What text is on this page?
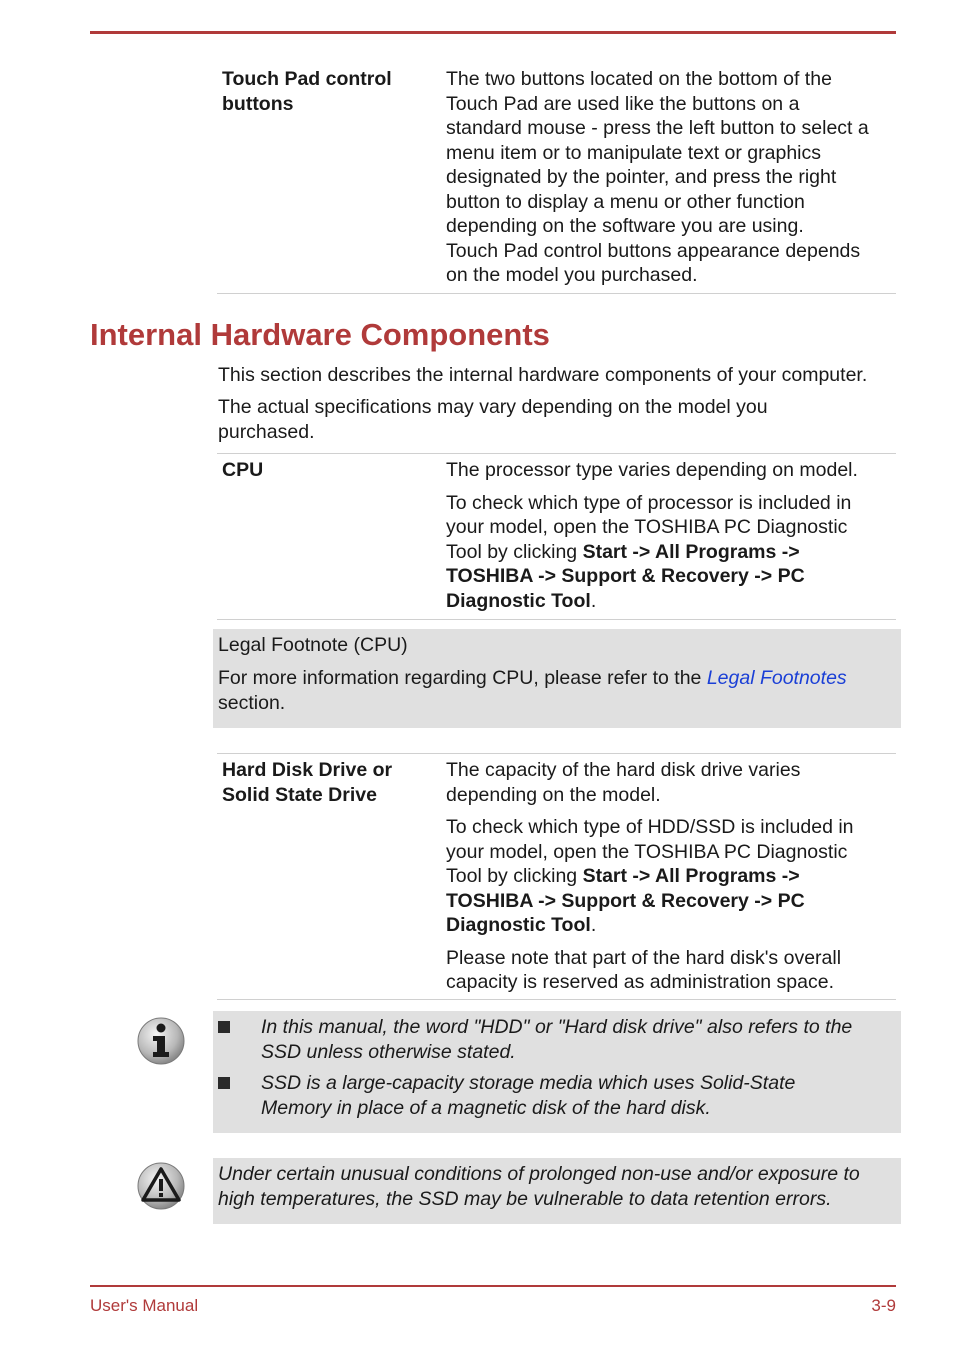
Touch Pad control buttons
The two buttons located on the bottom of the
Touch Pad are used like the buttons on a
standard mouse - press the left button to select a
menu item or to manipulate text or graphics
designated by the pointer, and press the right
button to display a menu or other function
depending on the software you are using.
Touch Pad control buttons appearance depends
on the model you purchased.
Internal Hardware Components
This section describes the internal hardware components of your computer.
The actual specifications may vary depending on the model you
purchased.
CPU	The processor type varies depending on model.
To check which type of processor is included in
your model, open the TOSHIBA PC Diagnostic
Tool by clicking Start -> All Programs ->
TOSHIBA -> Support & Recovery -> PC
Diagnostic Tool.
Legal Footnote (CPU)
For more information regarding CPU, please refer to the Legal Footnotes
section.
Hard Disk Drive or
Solid State Drive
The capacity of the hard disk drive varies
depending on the model.
To check which type of HDD/SSD is included in
your model, open the TOSHIBA PC Diagnostic
Tool by clicking Start -> All Programs ->
TOSHIBA -> Support & Recovery -> PC
Diagnostic Tool.
Please note that part of the hard disk's overall
capacity is reserved as administration space.
In this manual, the word "HDD" or "Hard disk drive" also refers to the
SSD unless otherwise stated.
SSD is a large-capacity storage media which uses Solid-State
Memory in place of a magnetic disk of the hard disk.
Under certain unusual conditions of prolonged non-use and/or exposure to
high temperatures, the SSD may be vulnerable to data retention errors.
User's Manual	3-9
